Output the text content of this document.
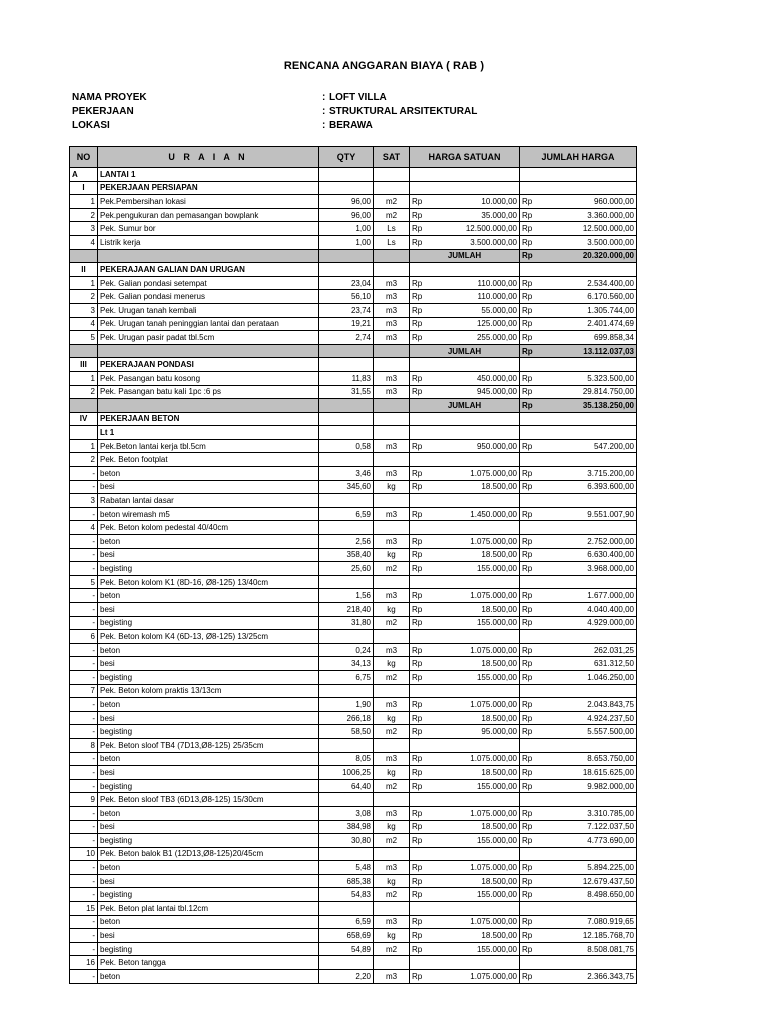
RENCANA ANGGARAN BIAYA ( RAB )
NAMA PROYEK	: LOFT VILLA
PEKERJAAN	: STRUKTURAL ARSITEKTURAL
LOKASI	: BERAWA
NO	U R A I A N	QTY	SAT	HARGA SATUAN		JUMLAH HARGA	
A	LANTAI 1						
I	PEKERJAAN PERSIAPAN						
1	Pek.Pembersihan lokasi	96,00	m2	Rp	10.000,00	Rp	960.000,00
2	Pek.pengukuran dan pemasangan bowplank	96,00	m2	Rp	35.000,00	Rp	3.360.000,00
3	Pek. Sumur bor	1,00	Ls	Rp	12.500.000,00	Rp	12.500.000,00
4	Listrik kerja	1,00	Ls	Rp	3.500.000,00	Rp	3.500.000,00
				JUMLAH		Rp	20.320.000,00
II	PEKERAJAAN GALIAN DAN URUGAN						
1	Pek. Galian pondasi setempat	23,04	m3	Rp	110.000,00	Rp	2.534.400,00
2	Pek. Galian pondasi menerus	56,10	m3	Rp	110.000,00	Rp	6.170.560,00
3	Pek. Urugan tanah kembali	23,74	m3	Rp	55.000,00	Rp	1.305.744,00
4	Pek. Urugan tanah peninggian lantai dan perataan	19,21	m3	Rp	125.000,00	Rp	2.401.474,69
5	Pek. Urugan pasir padat tbl.5cm	2,74	m3	Rp	255.000,00	Rp	699.858,34
				JUMLAH		Rp	13.112.037,03
III	PEKERAJAAN PONDASI						
1	Pek. Pasangan batu kosong	11,83	m3	Rp	450.000,00	Rp	5.323.500,00
2	Pek. Pasangan batu kali 1pc :6 ps	31,55	m3	Rp	945.000,00	Rp	29.814.750,00
				JUMLAH		Rp	35.138.250,00
IV	PEKERJAAN BETON						
	Lt 1						
1	Pek.Beton lantai kerja tbl.5cm	0,58	m3	Rp	950.000,00	Rp	547.200,00
2	Pek. Beton footplat						
-	beton	3,46	m3	Rp	1.075.000,00	Rp	3.715.200,00
-	besi	345,60	kg	Rp	18.500,00	Rp	6.393.600,00
3	Rabatan lantai dasar						
-	beton wiremash m5	6,59	m3	Rp	1.450.000,00	Rp	9.551.007,90
4	Pek. Beton kolom pedestal 40/40cm						
-	beton	2,56	m3	Rp	1.075.000,00	Rp	2.752.000,00
-	besi	358,40	kg	Rp	18.500,00	Rp	6.630.400,00
-	begisting	25,60	m2	Rp	155.000,00	Rp	3.968.000,00
5	Pek. Beton kolom K1 (8D-16, Ø8-125) 13/40cm						
-	beton	1,56	m3	Rp	1.075.000,00	Rp	1.677.000,00
-	besi	218,40	kg	Rp	18.500,00	Rp	4.040.400,00
-	begisting	31,80	m2	Rp	155.000,00	Rp	4.929.000,00
6	Pek. Beton kolom K4 (6D-13, Ø8-125) 13/25cm						
-	beton	0,24	m3	Rp	1.075.000,00	Rp	262.031,25
-	besi	34,13	kg	Rp	18.500,00	Rp	631.312,50
-	begisting	6,75	m2	Rp	155.000,00	Rp	1.046.250,00
7	Pek. Beton kolom praktis 13/13cm						
-	beton	1,90	m3	Rp	1.075.000,00	Rp	2.043.843,75
-	besi	266,18	kg	Rp	18.500,00	Rp	4.924.237,50
-	begisting	58,50	m2	Rp	95.000,00	Rp	5.557.500,00
8	Pek. Beton sloof TB4 (7D13,Ø8-125) 25/35cm						
-	beton	8,05	m3	Rp	1.075.000,00	Rp	8.653.750,00
-	besi	1006,25	kg	Rp	18.500,00	Rp	18.615.625,00
-	begisting	64,40	m2	Rp	155.000,00	Rp	9.982.000,00
9	Pek. Beton sloof TB3 (6D13,Ø8-125) 15/30cm						
-	beton	3,08	m3	Rp	1.075.000,00	Rp	3.310.785,00
-	besi	384,98	kg	Rp	18.500,00	Rp	7.122.037,50
-	begisting	30,80	m2	Rp	155.000,00	Rp	4.773.690,00
10	Pek. Beton balok B1 (12D13,Ø8-125)20/45cm						
-	beton	5,48	m3	Rp	1.075.000,00	Rp	5.894.225,00
-	besi	685,38	kg	Rp	18.500,00	Rp	12.679.437,50
-	begisting	54,83	m2	Rp	155.000,00	Rp	8.498.650,00
15	Pek. Beton plat lantai tbl.12cm						
-	beton	6,59	m3	Rp	1.075.000,00	Rp	7.080.919,65
-	besi	658,69	kg	Rp	18.500,00	Rp	12.185.768,70
-	begisting	54,89	m2	Rp	155.000,00	Rp	8.508.081,75
16	Pek. Beton tangga						
-	beton	2,20	m3	Rp	1.075.000,00	Rp	2.366.343,75
